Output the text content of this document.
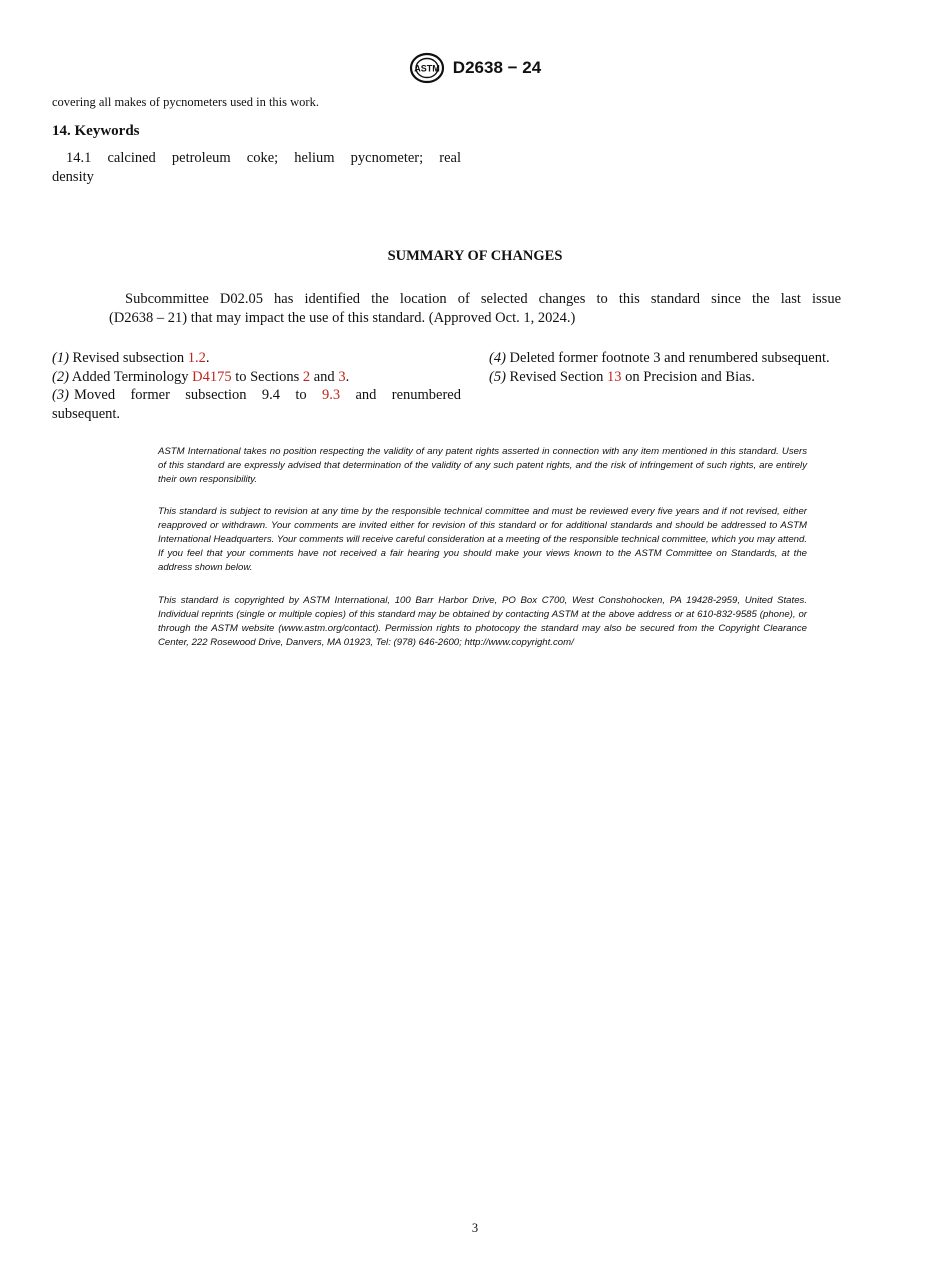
ASTM D2638 − 24
covering all makes of pycnometers used in this work.
14. Keywords
14.1 calcined petroleum coke; helium pycnometer; real
density
SUMMARY OF CHANGES
Subcommittee D02.05 has identified the location of selected changes to this standard since the last issue
(D2638 – 21) that may impact the use of this standard. (Approved Oct. 1, 2024.)
(1) Revised subsection 1.2.
(2) Added Terminology D4175 to Sections 2 and 3.
(3) Moved   former   subsection   9.4   to   9.3   and   renumbered
subsequent.
(4) Deleted former footnote 3 and renumbered subsequent.
(5) Revised Section 13 on Precision and Bias.
ASTM International takes no position respecting the validity of any patent rights asserted in connection with any item mentioned in this standard. Users of this standard are expressly advised that determination of the validity of any such patent rights, and the risk of infringement of such rights, are entirely their own responsibility.
This standard is subject to revision at any time by the responsible technical committee and must be reviewed every five years and if not revised, either reapproved or withdrawn. Your comments are invited either for revision of this standard or for additional standards and should be addressed to ASTM International Headquarters. Your comments will receive careful consideration at a meeting of the responsible technical committee, which you may attend. If you feel that your comments have not received a fair hearing you should make your views known to the ASTM Committee on Standards, at the address shown below.
This standard is copyrighted by ASTM International, 100 Barr Harbor Drive, PO Box C700, West Conshohocken, PA 19428-2959, United States. Individual reprints (single or multiple copies) of this standard may be obtained by contacting ASTM at the above address or at 610-832-9585 (phone), or through the ASTM website (www.astm.org/contact). Permission rights to photocopy the standard may also be secured from the Copyright Clearance Center, 222 Rosewood Drive, Danvers, MA 01923, Tel: (978) 646-2600; http://www.copyright.com/
3
